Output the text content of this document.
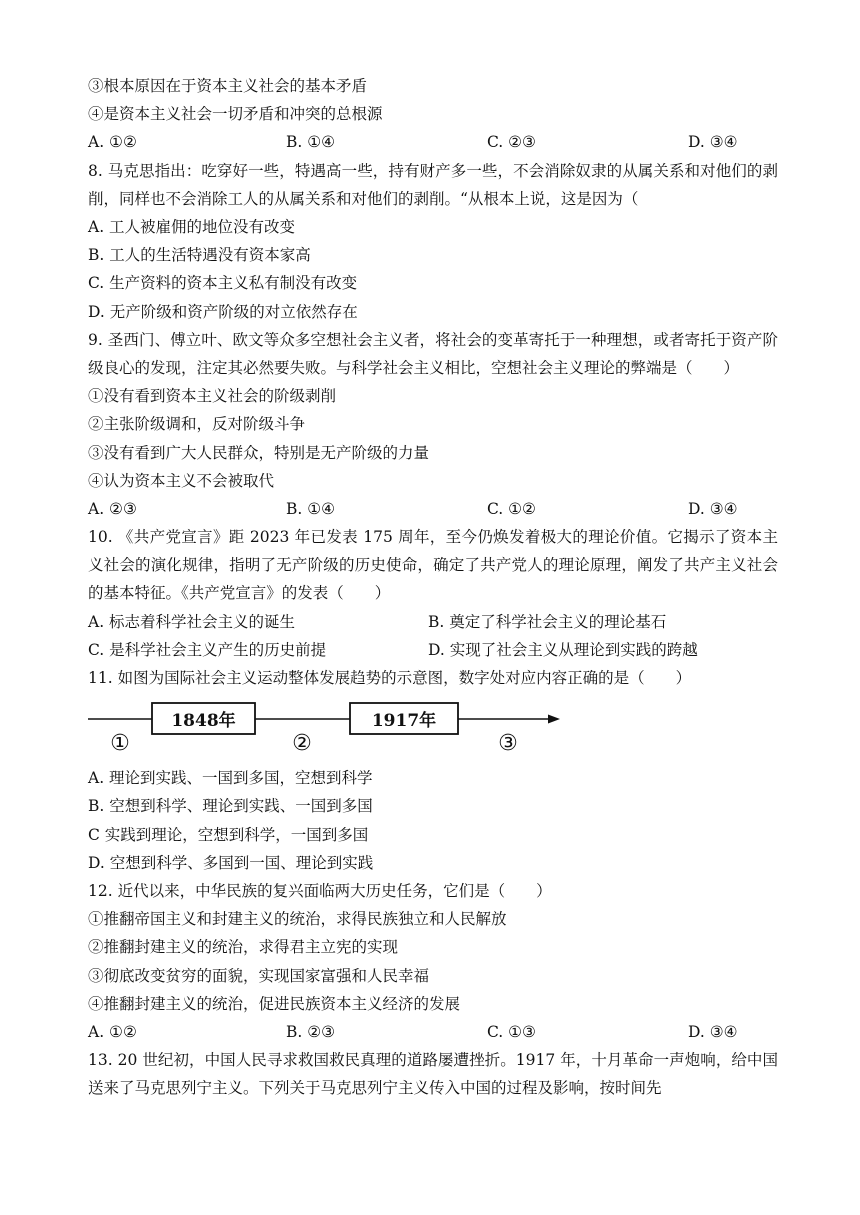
③根本原因在于资本主义社会的基本矛盾
④是资本主义社会一切矛盾和冲突的总根源
A. ①②	B. ①④	C. ②③	D. ③④
8. 马克思指出：吃穿好一些，特遇高一些，持有财产多一些，不会消除奴隶的从属关系和对他们的剥削，同样也不会消除工人的从属关系和对他们的剥削。“从根本上说，这是因为（
A. 工人被雇佣的地位没有改变
B. 工人的生活特遇没有资本家高
C. 生产资料的资本主义私有制没有改变
D. 无产阶级和资产阶级的对立依然存在
9. 圣西门、傅立叶、欧文等众多空想社会主义者，将社会的变革寄托于一种理想，或者寄托于资产阶级良心的发现，注定其必然要失败。与科学社会主义相比，空想社会主义理论的弊端是（　　）
①没有看到资本主义社会的阶级剥削
②主张阶级调和，反对阶级斗争
③没有看到广大人民群众，特别是无产阶级的力量
④认为资本主义不会被取代
A. ②③	B. ①④	C. ①②	D. ③④
10. 《共产党宣言》距 2023 年已发表 175 周年，至今仍焕发着极大的理论价值。它揭示了资本主义社会的演化规律，指明了无产阶级的历史使命，确定了共产党人的理论原理，阐发了共产主义社会的基本特征。《共产党宣言》的发表（　　）
A. 标志着科学社会主义的诞生	B. 奠定了科学社会主义的理论基石
C. 是科学社会主义产生的历史前提	D. 实现了社会主义从理论到实践的跨越
11. 如图为国际社会主义运动整体发展趋势的示意图，数字处对应内容正确的是（　　）
1848年	1917年
①	②	③
A. 理论到实践、一国到多国，空想到科学
B. 空想到科学、理论到实践、一国到多国
C 实践到理论，空想到科学，一国到多国
D. 空想到科学、多国到一国、理论到实践
12. 近代以来，中华民族的复兴面临两大历史任务，它们是（　　）
①推翻帝国主义和封建主义的统治，求得民族独立和人民解放
②推翻封建主义的统治，求得君主立宪的实现
③彻底改变贫穷的面貌，实现国家富强和人民幸福
④推翻封建主义的统治，促进民族资本主义经济的发展
A. ①②	B. ②③	C. ①③	D. ③④
13. 20 世纪初，中国人民寻求救国救民真理的道路屡遭挫折。1917 年，十月革命一声炮响，给中国送来了马克思列宁主义。下列关于马克思列宁主义传入中国的过程及影响，按时间先
